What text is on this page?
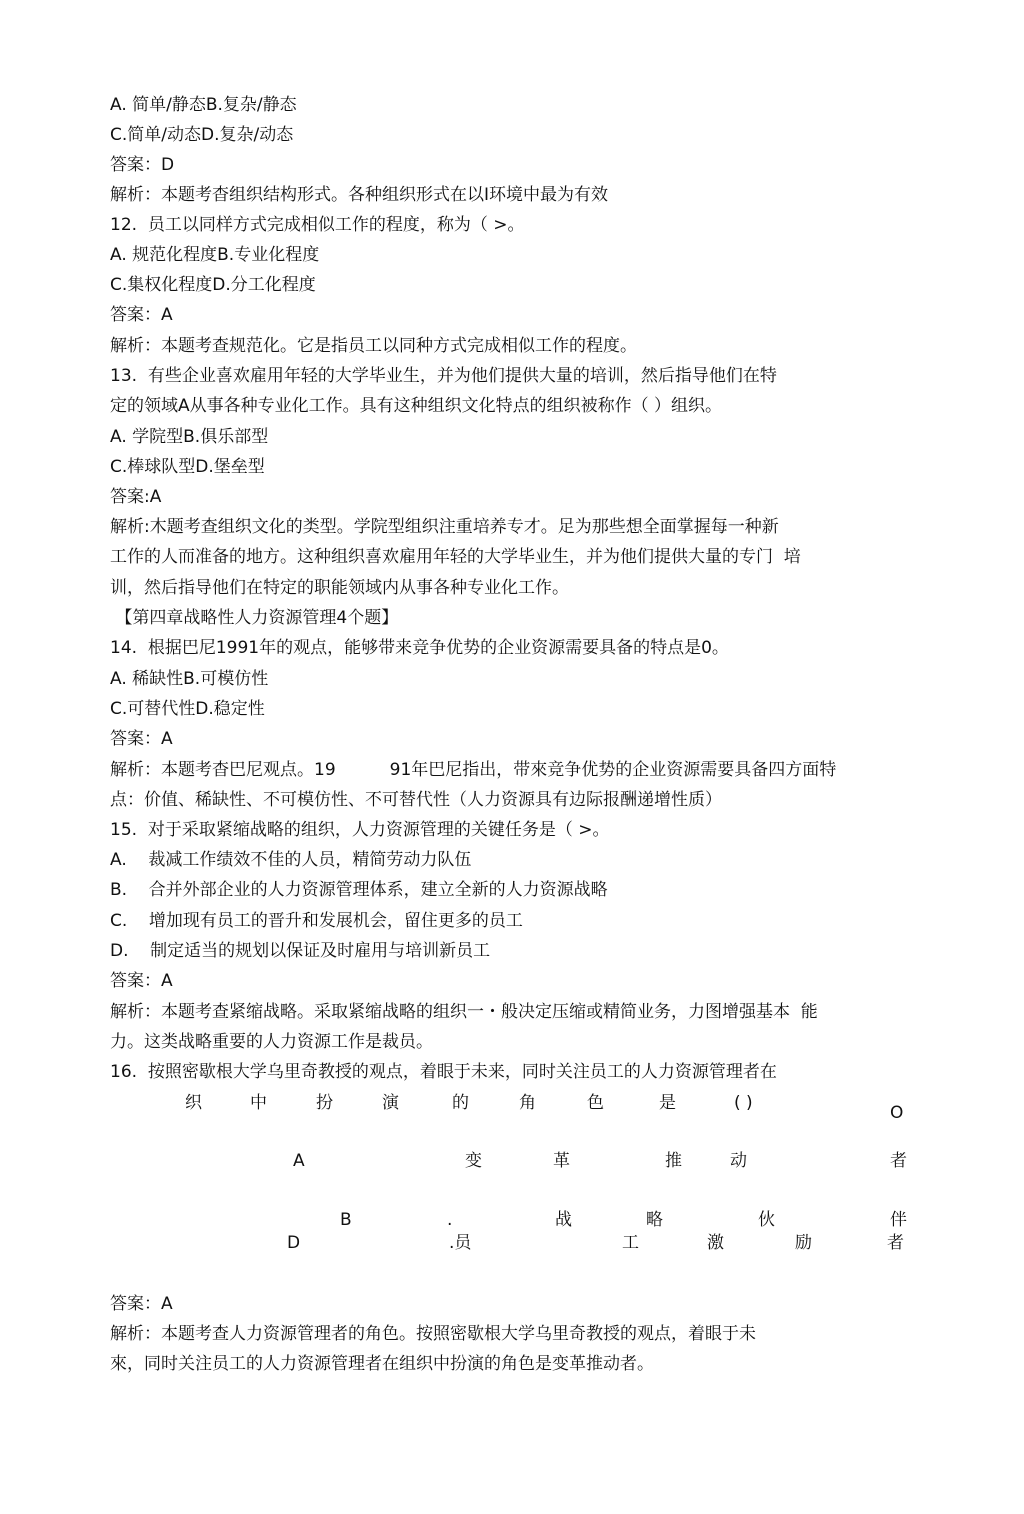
A. 简单/静态B.复杂/静态
C.简单/动态D.复杂/动态
答案：D
解析：本题考杳组织结构形式。各种组织形式在以I环境中最为有效
12.  员工以同样方式完成相似工作的程度，称为（ >。
A. 规范化程度B.专业化程度
C.集权化程度D.分工化程度
答案：A
解析：本题考查规范化。它是指员工以同种方式完成相似工作的程度。
13.  有些企业喜欢雇用年轻的大学毕业生，并为他们提供大量的培训，然后指导他们在特
定的领域A从事各种专业化工作。具有这种组织文化特点的组织被称作（ ）组织。
A. 学院型B.俱乐部型
C.棒球队型D.堡垒型
答案:A
解析:木题考查组织文化的类型。学院型组织注重培养专才。足为那些想全面掌握每一种新
工作的人而准备的地方。这种组织喜欢雇用年轻的大学毕业生，并为他们提供大量的专门  培
训，然后指导他们在特定的职能领域内从事各种专业化工作。
【第四章战略性人力资源管理4个题】
14.  根据巴尼1991年的观点，能够带来竞争优势的企业资源需要具备的特点是0。
A. 稀缺性B.可模仿性
C.可替代性D.稳定性
答案：A
解析：本题考杳巴尼观点。19          91年巴尼指出，带來竞争优势的企业资源需要具备四方面特
点：价值、稀缺性、不可模仿性、不可替代性（人力资源具有边际报酬递增性质）
15.  对于采取紧缩战略的组织，人力资源管理的关键任务是（ >。
A.    裁减工作绩效不佳的人员，精简劳动力队伍
B.    合并外部企业的人力资源管理体系，建立全新的人力资源战略
C.    增加现有员工的晋升和发展机会，留住更多的员工
D.    制定适当的规划以保证及时雇用与培训新员工
答案：A
解析：本题考查紧缩战略。采取紧缩战略的组织一・般决定压缩或精简业务，力图增强基本  能
力。这类战略重要的人力资源工作是裁员。
16.  按照密歇根大学乌里奇教授的观点，着眼于未来，同时关注员工的人力资源管理者在
织	中	扮	演	的	角	色	是	( )	O
A	变	革	推	动	者
B	.	战	略	伙	伴
D	.员	工	激	励	者
答案：A
解析：本题考查人力资源管理者的角色。按照密歇根大学乌里奇教授的观点，着眼于未
來，同时关注员工的人力资源管理者在组织中扮演的角色是变革推动者。
